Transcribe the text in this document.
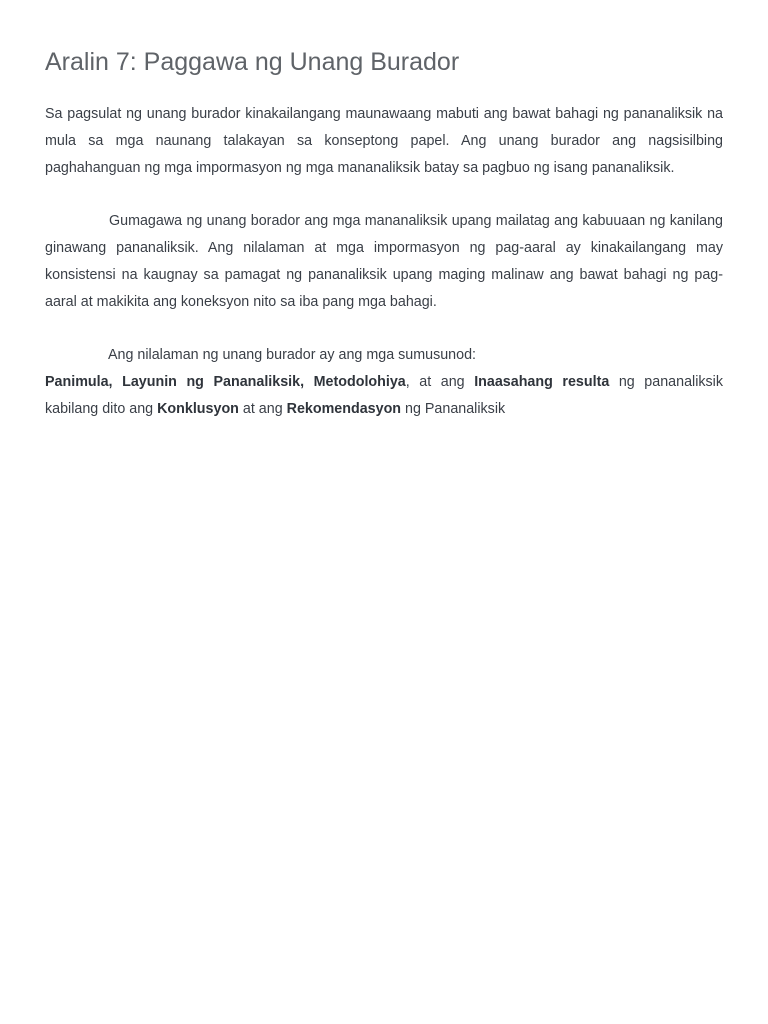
Aralin 7: Paggawa ng Unang Burador

Sa pagsulat ng unang burador kinakailangang maunawaang mabuti ang bawat bahagi ng pananaliksik na mula sa mga naunang talakayan sa konseptong papel. Ang unang burador ang nagsisilbing paghahanguan ng mga impormasyon ng mga mananaliksik batay sa pagbuo ng isang pananaliksik.

Gumagawa ng unang borador ang mga mananaliksik upang mailatag ang kabuuaan ng kanilang ginawang pananaliksik. Ang nilalaman at mga impormasyon ng pag-aaral ay kinakailangang may konsistensi na kaugnay sa pamagat ng pananaliksik upang maging malinaw ang bawat bahagi ng pag-aaral at makikita ang koneksyon nito sa iba pang mga bahagi.

Ang nilalaman ng unang burador ay ang mga sumusunod:

Panimula, Layunin ng Pananaliksik, Metodolohiya, at ang Inaasahang resulta ng pananaliksik kabilang dito ang Konklusyon at ang Rekomendasyon ng Pananaliksik
